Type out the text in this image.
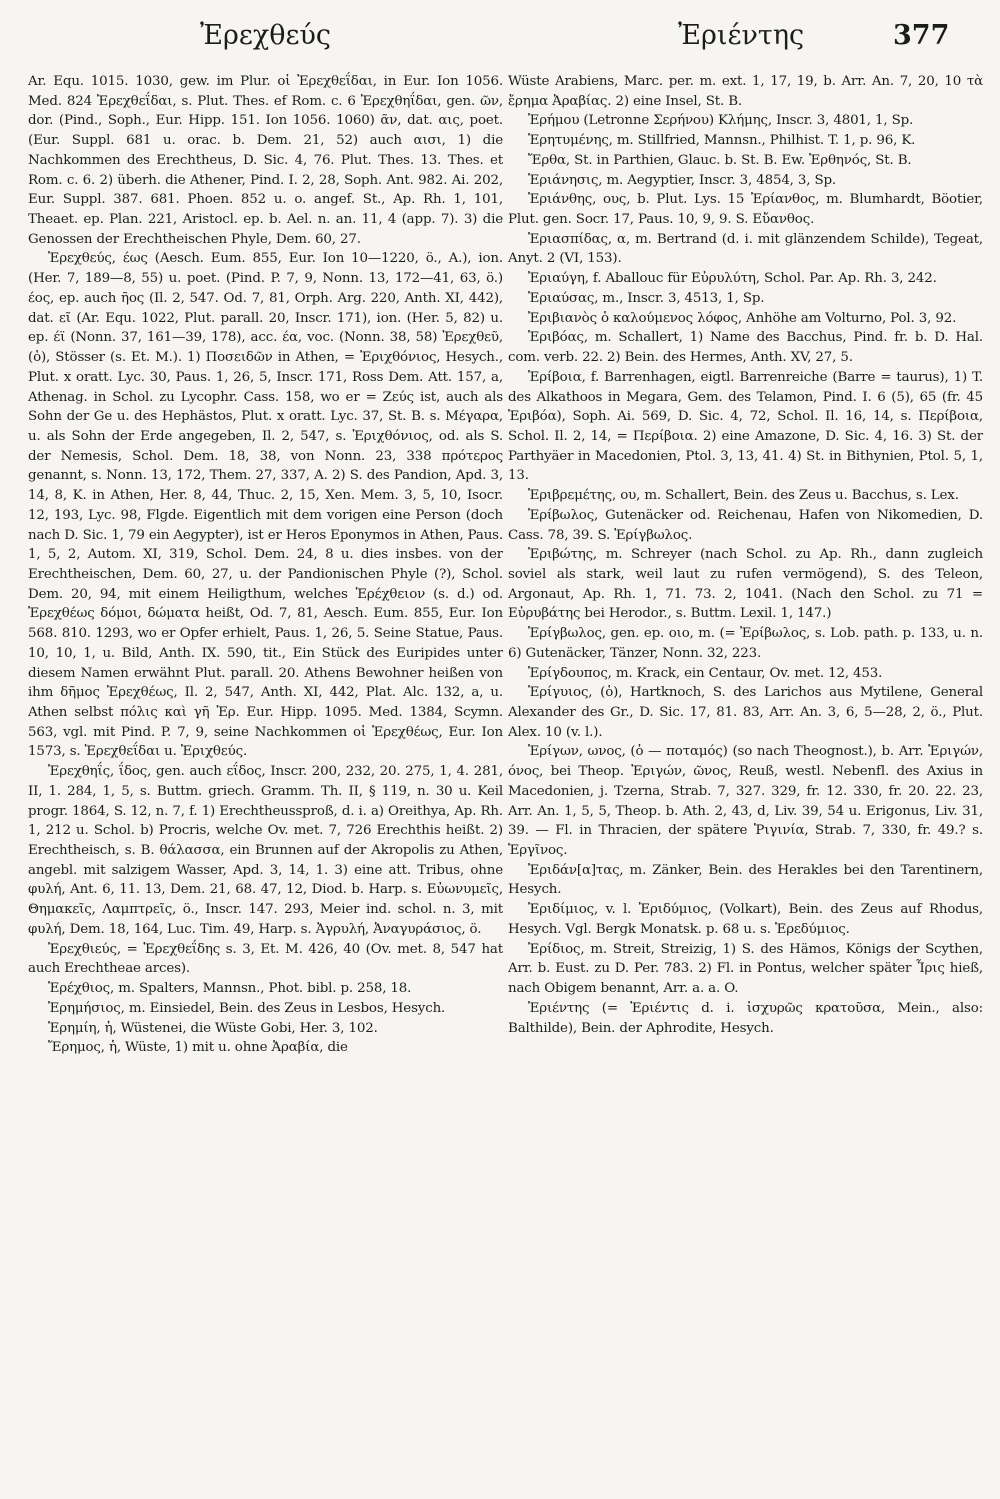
Ἐρεχθεύς	Ἐριέντης	377

Ar. Equ. 1015. 1030, gew. im Plur. οἱ Ἐρεχθεΐδαι, in Eur. Ion 1056. Med. 824 Ἐρεχθεΐδαι, s. Plut. Thes. ef Rom. c. 6 Ἐρεχθηΐδαι, gen. ῶν, dor. (Pind., Soph., Eur. Hipp. 151. Ion 1056. 1060) ᾶν, dat. αις, poet. (Eur. Suppl. 681 u. orac. b. Dem. 21, 52) auch αισι, 1) die Nachkommen des Erechtheus, D. Sic. 4, 76. Plut. Thes. 13. Thes. et Rom. c. 6. 2) überh. die Athener, Pind. I. 2, 28, Soph. Ant. 982. Ai. 202, Eur. Suppl. 387. 681. Phoen. 852 u. o. angef. St., Ap. Rh. 1, 101, Theaet. ep. Plan. 221, Aristocl. ep. b. Ael. n. an. 11, 4 (app. 7). 3) die Genossen der Erechtheischen Phyle, Dem. 60, 27.

Ἐρεχθεύς, έως (Aesch. Eum. 855, Eur. Ion 10—1220, ö., A.), ion. (Her. 7, 189—8, 55) u. poet. (Pind. P. 7, 9, Nonn. 13, 172—41, 63, ö.) έος, ep. auch ῆος (Il. 2, 547. Od. 7, 81, Orph. Arg. 220, Anth. XI, 442), dat. εῖ (Ar. Equ. 1022, Plut. parall. 20, Inscr. 171), ion. (Her. 5, 82) u. ep. έϊ (Nonn. 37, 161—39, 178), acc. έα, voc. (Nonn. 38, 58) Ἐρεχθεῦ, (ὁ), Stösser (s. Et. M.). 1) Ποσειδῶν in Athen, = Ἐριχθόνιος, Hesych., Plut. x oratt. Lyc. 30, Paus. 1, 26, 5, Inscr. 171, Ross Dem. Att. 157, a, Athenag. in Schol. zu Lycophr. Cass. 158, wo er = Ζεύς ist, auch als Sohn der Ge u. des Hephästos, Plut. x oratt. Lyc. 37, St. B. s. Μέγαρα, u. als Sohn der Erde angegeben, Il. 2, 547, s. Ἐριχθόνιος, od. als S. der Nemesis, Schol. Dem. 18, 38, von Nonn. 23, 338 πρότερος genannt, s. Nonn. 13, 172, Them. 27, 337, A. 2) S. des Pandion, Apd. 3, 14, 8, K. in Athen, Her. 8, 44, Thuc. 2, 15, Xen. Mem. 3, 5, 10, Isocr. 12, 193, Lyc. 98, Flgde. Eigentlich mit dem vorigen eine Person (doch nach D. Sic. 1, 79 ein Aegypter), ist er Heros Eponymos in Athen, Paus. 1, 5, 2, Autom. XI, 319, Schol. Dem. 24, 8 u. dies insbes. von der Erechtheischen, Dem. 60, 27, u. der Pandionischen Phyle (?), Schol. Dem. 20, 94, mit einem Heiligthum, welches Ἐρέχθειον (s. d.) od. Ἐρεχθέως δόμοι, δώματα heißt, Od. 7, 81, Aesch. Eum. 855, Eur. Ion 568. 810. 1293, wo er Opfer erhielt, Paus. 1, 26, 5. Seine Statue, Paus. 10, 10, 1, u. Bild, Anth. IX. 590, tit., Ein Stück des Euripides unter diesem Namen erwähnt Plut. parall. 20. Athens Bewohner heißen von ihm δῆμος Ἐρεχθέως, Il. 2, 547, Anth. XI, 442, Plat. Alc. 132, a, u. Athen selbst πόλις καὶ γῆ Ἐρ. Eur. Hipp. 1095. Med. 1384, Scymn. 563, vgl. mit Pind. P. 7, 9, seine Nachkommen οἱ Ἐρεχθέως, Eur. Ion 1573, s. Ἐρεχθεΐδαι u. Ἐριχθεύς.

Ἐρεχθηΐς, ΐδος, gen. auch εΐδος, Inscr. 200, 232, 20. 275, 1, 4. 281, II, 1. 284, 1, 5, s. Buttm. griech. Gramm. Th. II, § 119, n. 30 u. Keil progr. 1864, S. 12, n. 7, f. 1) Erechtheussproß, d. i. a) Oreithya, Ap. Rh. 1, 212 u. Schol. b) Procris, welche Ov. met. 7, 726 Erechthis heißt. 2) Erechtheisch, s. B. θάλασσα, ein Brunnen auf der Akropolis zu Athen, angebl. mit salzigem Wasser, Apd. 3, 14, 1. 3) eine att. Tribus, ohne φυλή, Ant. 6, 11. 13, Dem. 21, 68. 47, 12, Diod. b. Harp. s. Εὐωνυμεῖς, Θημακεῖς, Λαμπτρεῖς, ö., Inscr. 147. 293, Meier ind. schol. n. 3, mit φυλή, Dem. 18, 164, Luc. Tim. 49, Harp. s. Ἀγρυλή, Ἀναγυράσιος, ö.

Ἐρεχθιεύς, = Ἐρεχθεΐδης s. 3, Et. M. 426, 40 (Ov. met. 8, 547 hat auch Erechtheae arces).

Ἐρέχθιος, m. Spalters, Mannsn., Phot. bibl. p. 258, 18.

Ἐρημήσιος, m. Einsiedel, Bein. des Zeus in Lesbos, Hesych.

Ἐρημίη, ἡ, Wüstenei, die Wüste Gobi, Her. 3, 102.

Ἔρημος, ἡ, Wüste, 1) mit u. ohne Ἀραβία, die

Wüste Arabiens, Marc. per. m. ext. 1, 17, 19, b. Arr. An. 7, 20, 10 τὰ ἔρημα Ἀραβίας. 2) eine Insel, St. B.

Ἐρήμου (Letronne Σερήνου) Κλήμης, Inscr. 3, 4801, 1, Sp.

Ἐρητυμένης, m. Stillfried, Mannsn., Philhist. T. 1, p. 96, K.

Ἔρθα, St. in Parthien, Glauc. b. St. B. Ew. Ἐρθηνός, St. B.

Ἐριάνησις, m. Aegyptier, Inscr. 3, 4854, 3, Sp.

Ἐριάνθης, ους, b. Plut. Lys. 15 Ἐρίανθος, m. Blumhardt, Böotier, Plut. gen. Socr. 17, Paus. 10, 9, 9. S. Εὔανθος.

Ἐριασπίδας, α, m. Bertrand (d. i. mit glänzendem Schilde), Tegeat, Anyt. 2 (VI, 153).

Ἐριαύγη, f. Aballouc für Εὐρυλύτη, Schol. Par. Ap. Rh. 3, 242.

Ἐριαύσας, m., Inscr. 3, 4513, 1, Sp.

Ἐριβιανὸς ὁ καλούμενος λόφος, Anhöhe am Volturno, Pol. 3, 92.

Ἐριβόας, m. Schallert, 1) Name des Bacchus, Pind. fr. b. D. Hal. com. verb. 22. 2) Bein. des Hermes, Anth. XV, 27, 5.

Ἐρίβοια, f. Barrenhagen, eigtl. Barrenreiche (Barre = taurus), 1) T. des Alkathoos in Megara, Gem. des Telamon, Pind. I. 6 (5), 65 (fr. 45 Ἐριβόα), Soph. Ai. 569, D. Sic. 4, 72, Schol. Il. 16, 14, s. Περίβοια, Schol. Il. 2, 14, = Περίβοια. 2) eine Amazone, D. Sic. 4, 16. 3) St. der Parthyäer in Macedonien, Ptol. 3, 13, 41. 4) St. in Bithynien, Ptol. 5, 1, 13.

Ἐριβρεμέτης, ου, m. Schallert, Bein. des Zeus u. Bacchus, s. Lex.

Ἐρίβωλος, Gutenäcker od. Reichenau, Hafen von Nikomedien, D. Cass. 78, 39. S. Ἐρίγβωλος.

Ἐριβώτης, m. Schreyer (nach Schol. zu Ap. Rh., dann zugleich soviel als stark, weil laut zu rufen vermögend), S. des Teleon, Argonaut, Ap. Rh. 1, 71. 73. 2, 1041. (Nach den Schol. zu 71 = Εὐρυβάτης bei Herodor., s. Buttm. Lexil. 1, 147.)

Ἐρίγβωλος, gen. ep. οιο, m. (= Ἐρίβωλος, s. Lob. path. p. 133, u. n. 6) Gutenäcker, Tänzer, Nonn. 32, 223.

Ἐρίγδουπος, m. Krack, ein Centaur, Ov. met. 12, 453.

Ἐρίγυιος, (ὁ), Hartknoch, S. des Larichos aus Mytilene, General Alexander des Gr., D. Sic. 17, 81. 83, Arr. An. 3, 6, 5—28, 2, ö., Plut. Alex. 10 (v. l.).

Ἐρίγων, ωνος, (ὁ — ποταμός) (so nach Theognost.), b. Arr. Ἐριγών, όνος, bei Theop. Ἐριγών, ῶνος, Reuß, westl. Nebenfl. des Axius in Macedonien, j. Tzerna, Strab. 7, 327. 329, fr. 12. 330, fr. 20. 22. 23, Arr. An. 1, 5, 5, Theop. b. Ath. 2, 43, d, Liv. 39, 54 u. Erigonus, Liv. 31, 39. — Fl. in Thracien, der spätere Ῥιγινία, Strab. 7, 330, fr. 49.? s. Ἐργῖνος.

Ἐριδάν[α]τας, m. Zänker, Bein. des Herakles bei den Tarentinern, Hesych.

Ἐριδίμιος, v. l. Ἐριδύμιος, (Volkart), Bein. des Zeus auf Rhodus, Hesych. Vgl. Bergk Monatsk. p. 68 u. s. Ἐρεδύμιος.

Ἐρίδιος, m. Streit, Streizig, 1) S. des Hämos, Königs der Scythen, Arr. b. Eust. zu D. Per. 783. 2) Fl. in Pontus, welcher später Ἶρις hieß, nach Obigem benannt, Arr. a. a. O.

Ἐριέντης (= Ἐριέντις d. i. ἰσχυρῶς κρατοῦσα, Mein., also: Balthilde), Bein. der Aphrodite, Hesych.
